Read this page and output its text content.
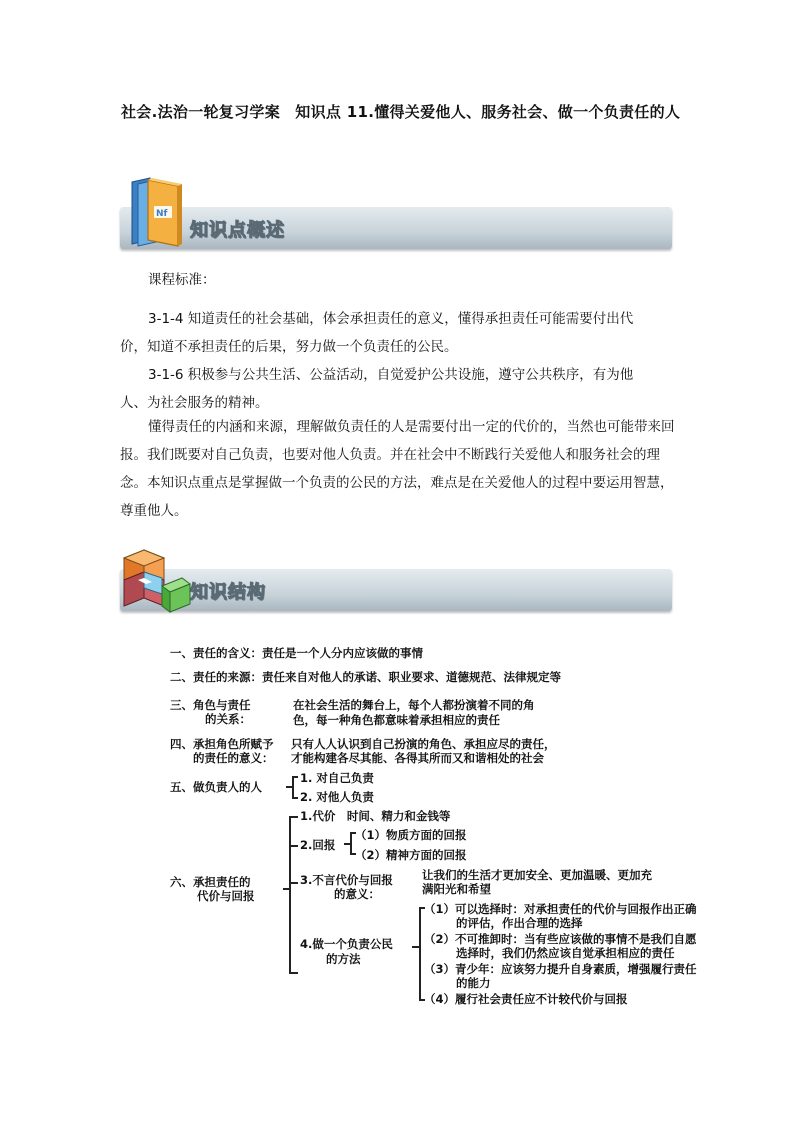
社会.法治一轮复习学案　知识点 11.懂得关爱他人、服务社会、做一个负责任的人
知识点概述
Nf
课程标准：
3-1-4 知道责任的社会基础，体会承担责任的意义，懂得承担责任可能需要付出代价，知道不承担责任的后果，努力做一个负责任的公民。
3-1-6 积极参与公共生活、公益活动，自觉爱护公共设施，遵守公共秩序，有为他人、为社会服务的精神。
懂得责任的内涵和来源，理解做负责任的人是需要付出一定的代价的，当然也可能带来回报。我们既要对自己负责，也要对他人负责。并在社会中不断践行关爱他人和服务社会的理念。本知识点重点是掌握做一个负责的公民的方法，难点是在关爱他人的过程中要运用智慧，尊重他人。
知识结构
一、责任的含义：责任是一个人分内应该做的事情
二、责任的来源：责任来自对他人的承诺、职业要求、道德规范、法律规定等
三、角色与责任
的关系：
在社会生活的舞台上，每个人都扮演着不同的角
色，每一种角色都意味着承担相应的责任
四、承担角色所赋予
的责任的意义：
只有人人认识到自己扮演的角色、承担应尽的责任，
才能构建各尽其能、各得其所而又和谐相处的社会
五、做负责人的人
1. 对自己负责
2. 对他人负责
六、承担责任的
代价与回报
1.代价　时间、精力和金钱等
2.回报
（1）物质方面的回报
（2）精神方面的回报
3.不言代价与回报
的意义：
让我们的生活才更加安全、更加温暖、更加充
满阳光和希望
4.做一个负责公民
的方法
（1）可以选择时：对承担责任的代价与回报作出正确
的评估，作出合理的选择
（2）不可推卸时：当有些应该做的事情不是我们自愿
选择时，我们仍然应该自觉承担相应的责任
（3）青少年：应该努力提升自身素质，增强履行责任
的能力
（4）履行社会责任应不计较代价与回报
